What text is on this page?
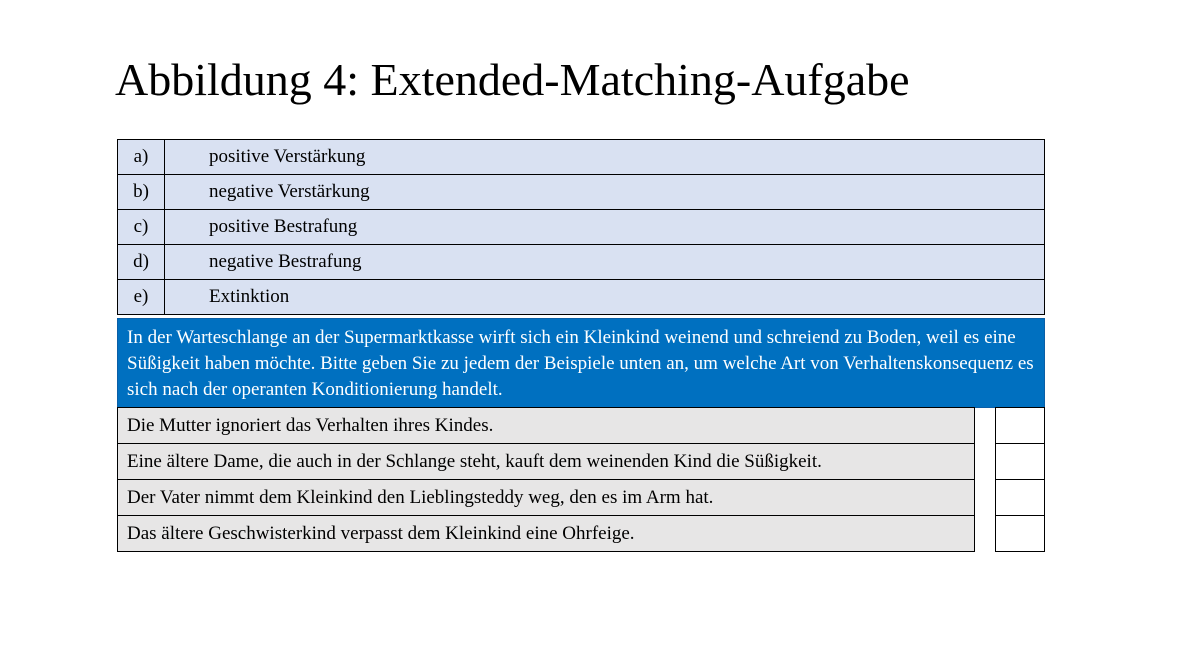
Abbildung 4: Extended-Matching-Aufgabe
a)	positive Verstärkung
b)	negative Verstärkung
c)	positive Bestrafung
d)	negative Bestrafung
e)	Extinktion
In der Warteschlange an der Supermarktkasse wirft sich ein Kleinkind weinend und schreiend zu Boden, weil es eine Süßigkeit haben möchte. Bitte geben Sie zu jedem der Beispiele unten an, um welche Art von Verhaltenskonsequenz es sich nach der operanten Konditionierung handelt.
Die Mutter ignoriert das Verhalten ihres Kindes.
Eine ältere Dame, die auch in der Schlange steht, kauft dem weinenden Kind die Süßigkeit.
Der Vater nimmt dem Kleinkind den Lieblingsteddy weg, den es im Arm hat.
Das ältere Geschwisterkind verpasst dem Kleinkind eine Ohrfeige.
